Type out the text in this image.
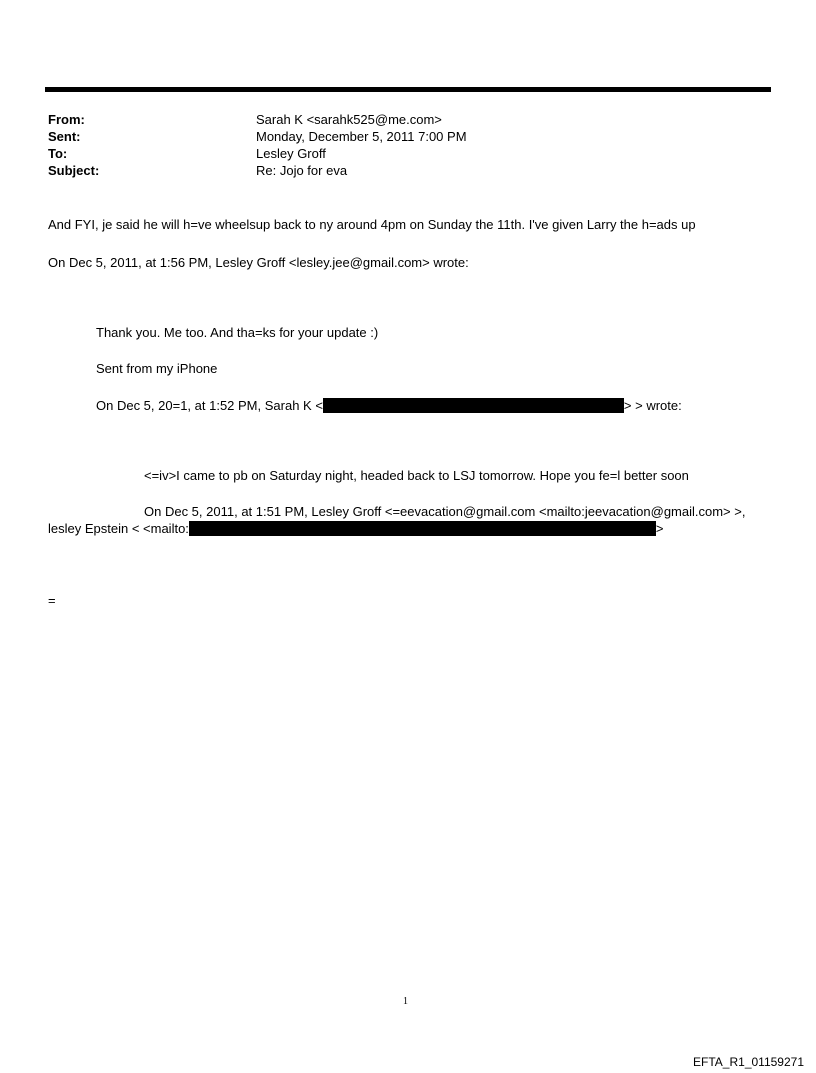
From:	Sarah K <sarahk525@me.com>
Sent:	Monday, December 5, 2011 7:00 PM
To:	Lesley Groff
Subject:	Re: Jojo for eva
And FYI, je said he will h=ve wheelsup back to ny around 4pm on Sunday the 11th. I've given Larry the h=ads up
On Dec 5, 2011, at 1:56 PM, Lesley Groff <lesley.jee@gmail.com> wrote:
Thank you. Me too. And tha=ks for your update :)
Sent from my iPhone
On Dec 5, 20=1, at 1:52 PM, Sarah K <	> > wrote:
<=iv>I came to pb on Saturday night, headed back to LSJ tomorrow. Hope you fe=l better soon
On Dec 5, 2011, at 1:51 PM, Lesley Groff <=eevacation@gmail.com <mailto:jeevacation@gmail.com> >,
lesley Epstein < <mailto:	>
=
1
EFTA_R1_01159271
